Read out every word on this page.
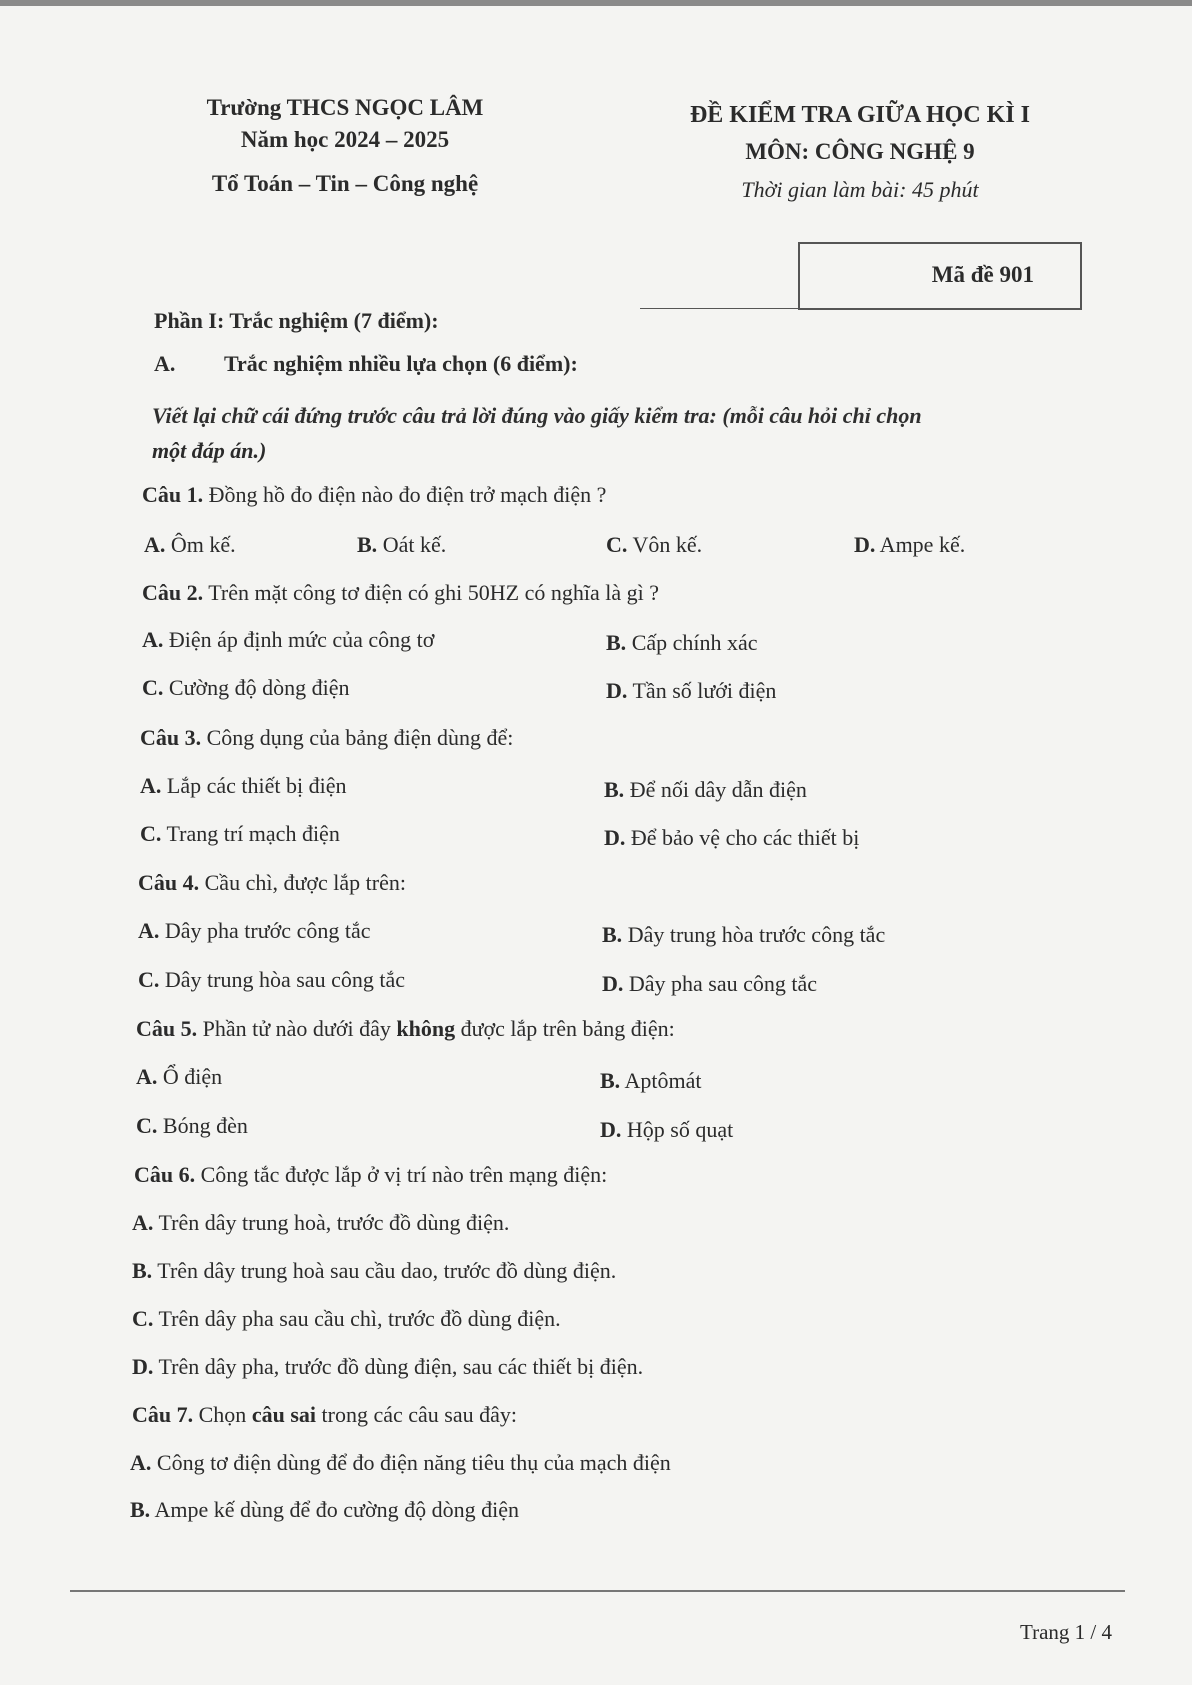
Trường THCS NGỌC LÂM
Năm học 2024 – 2025
Tổ Toán – Tin – Công nghệ
ĐỀ KIỂM TRA GIỮA HỌC KÌ I
MÔN: CÔNG NGHỆ 9
Thời gian làm bài: 45 phút
Mã đề 901
Phần I: Trắc nghiệm (7 điểm):
A. Trắc nghiệm nhiều lựa chọn (6 điểm):
Viết lại chữ cái đứng trước câu trả lời đúng vào giấy kiểm tra: (mỗi câu hỏi chỉ chọn
một đáp án.)
Câu 1. Đồng hồ đo điện nào đo điện trở mạch điện ?
A. Ôm kế.	B. Oát kế.	C. Vôn kế.	D. Ampe kế.
Câu 2. Trên mặt công tơ điện có ghi 50HZ có nghĩa là gì ?
A. Điện áp định mức của công tơ	B. Cấp chính xác
C. Cường độ dòng điện	D. Tần số lưới điện
Câu 3. Công dụng của bảng điện dùng để:
A. Lắp các thiết bị điện	B. Để nối dây dẫn điện
C. Trang trí mạch điện	D. Để bảo vệ cho các thiết bị
Câu 4. Cầu chì, được lắp trên:
A. Dây pha trước công tắc	B. Dây trung hòa trước công tắc
C. Dây trung hòa sau công tắc	D. Dây pha sau công tắc
Câu 5. Phần tử nào dưới đây không được lắp trên bảng điện:
A. Ổ điện	B. Aptômát
C. Bóng đèn	D. Hộp số quạt
Câu 6. Công tắc được lắp ở vị trí nào trên mạng điện:
A. Trên dây trung hoà, trước đồ dùng điện.
B. Trên dây trung hoà sau cầu dao, trước đồ dùng điện.
C. Trên dây pha sau cầu chì, trước đồ dùng điện.
D. Trên dây pha, trước đồ dùng điện, sau các thiết bị điện.
Câu 7. Chọn câu sai trong các câu sau đây:
A. Công tơ điện dùng để đo điện năng tiêu thụ của mạch điện
B. Ampe kế dùng để đo cường độ dòng điện
Trang 1 / 4
